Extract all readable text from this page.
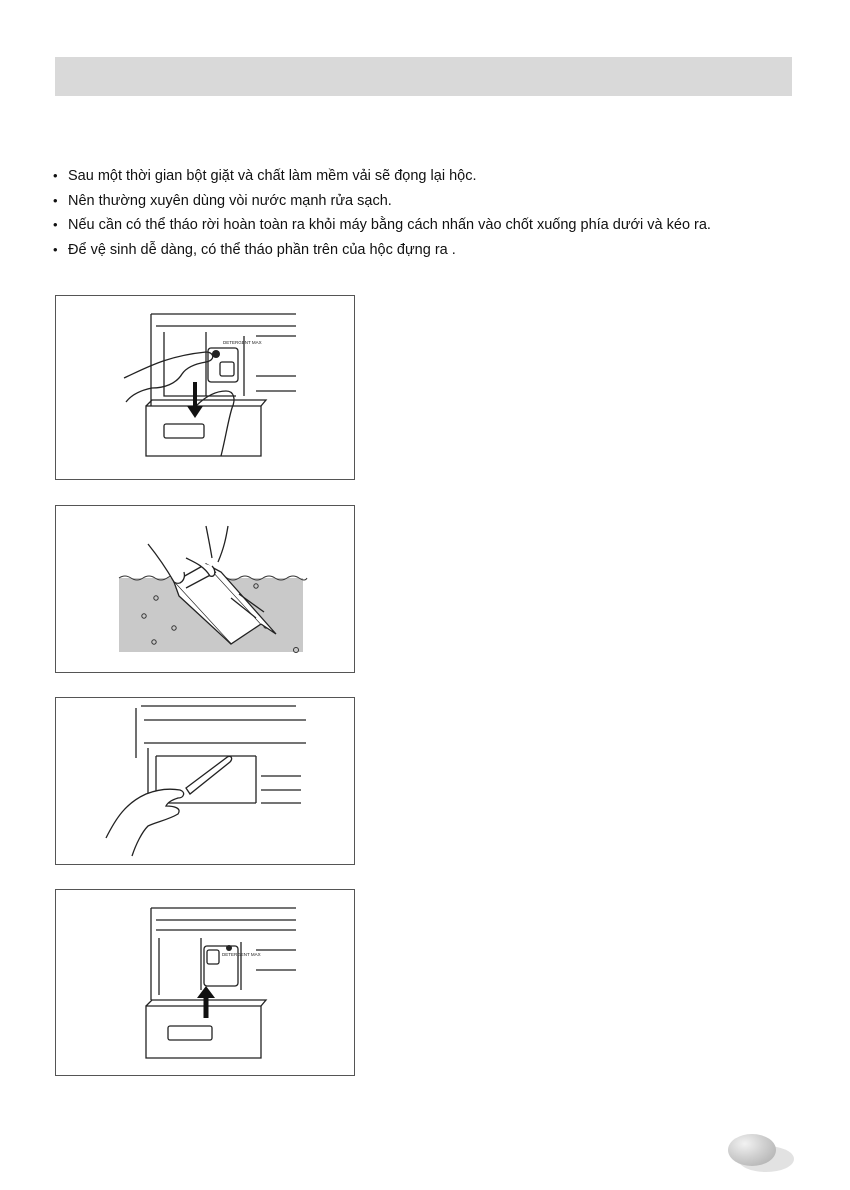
• Sau một thời gian bột giặt và chất làm mềm vải sẽ đọng lại hộc.
• Nên thường xuyên dùng vòi nước mạnh rửa sạch.
• Nếu cần có thể tháo rời hoàn toàn ra khỏi máy bằng cách nhấn vào chốt xuống phía dưới và kéo ra.
• Để vệ sinh dễ dàng, có thể tháo phần trên của hộc đựng ra .
DETERGENT MAX
DETERGENT MAX
